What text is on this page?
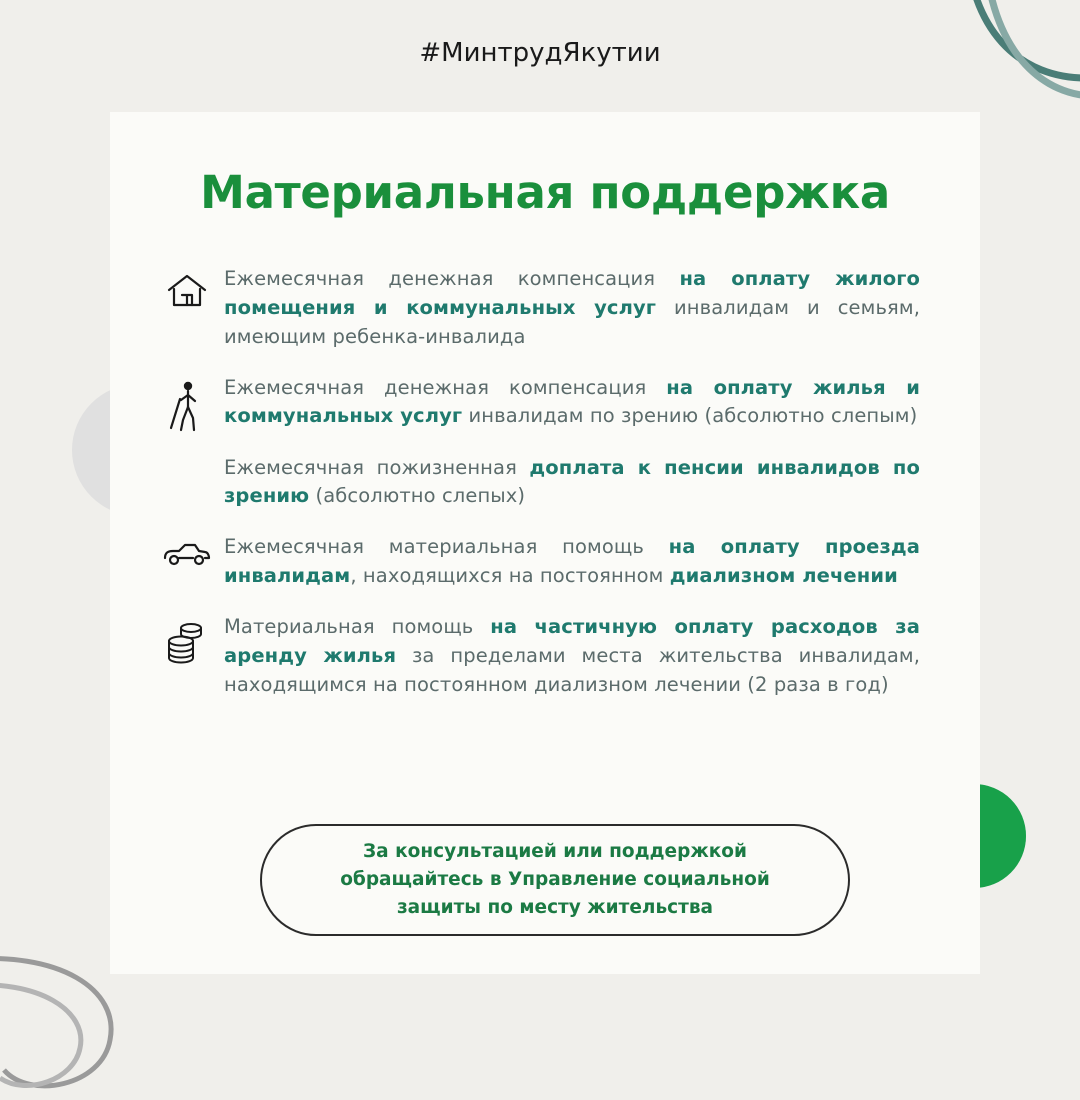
#МинтрудЯкутии
Материальная поддержка
Ежемесячная денежная компенсация на оплату жилого помещения и коммунальных услуг инвалидам и семьям, имеющим ребенка-инвалида
Ежемесячная денежная компенсация на оплату жилья и коммунальных услуг инвалидам по зрению (абсолютно слепым)
Ежемесячная пожизненная доплата к пенсии инвалидов по зрению (абсолютно слепых)
Ежемесячная материальная помощь на оплату проезда инвалидам, находящихся на постоянном диализном лечении
Материальная помощь на частичную оплату расходов за аренду жилья за пределами места жительства инвалидам, находящимся на постоянном диализном лечении (2 раза в год)
За консультацией или поддержкой обращайтесь в Управление социальной защиты по месту жительства
